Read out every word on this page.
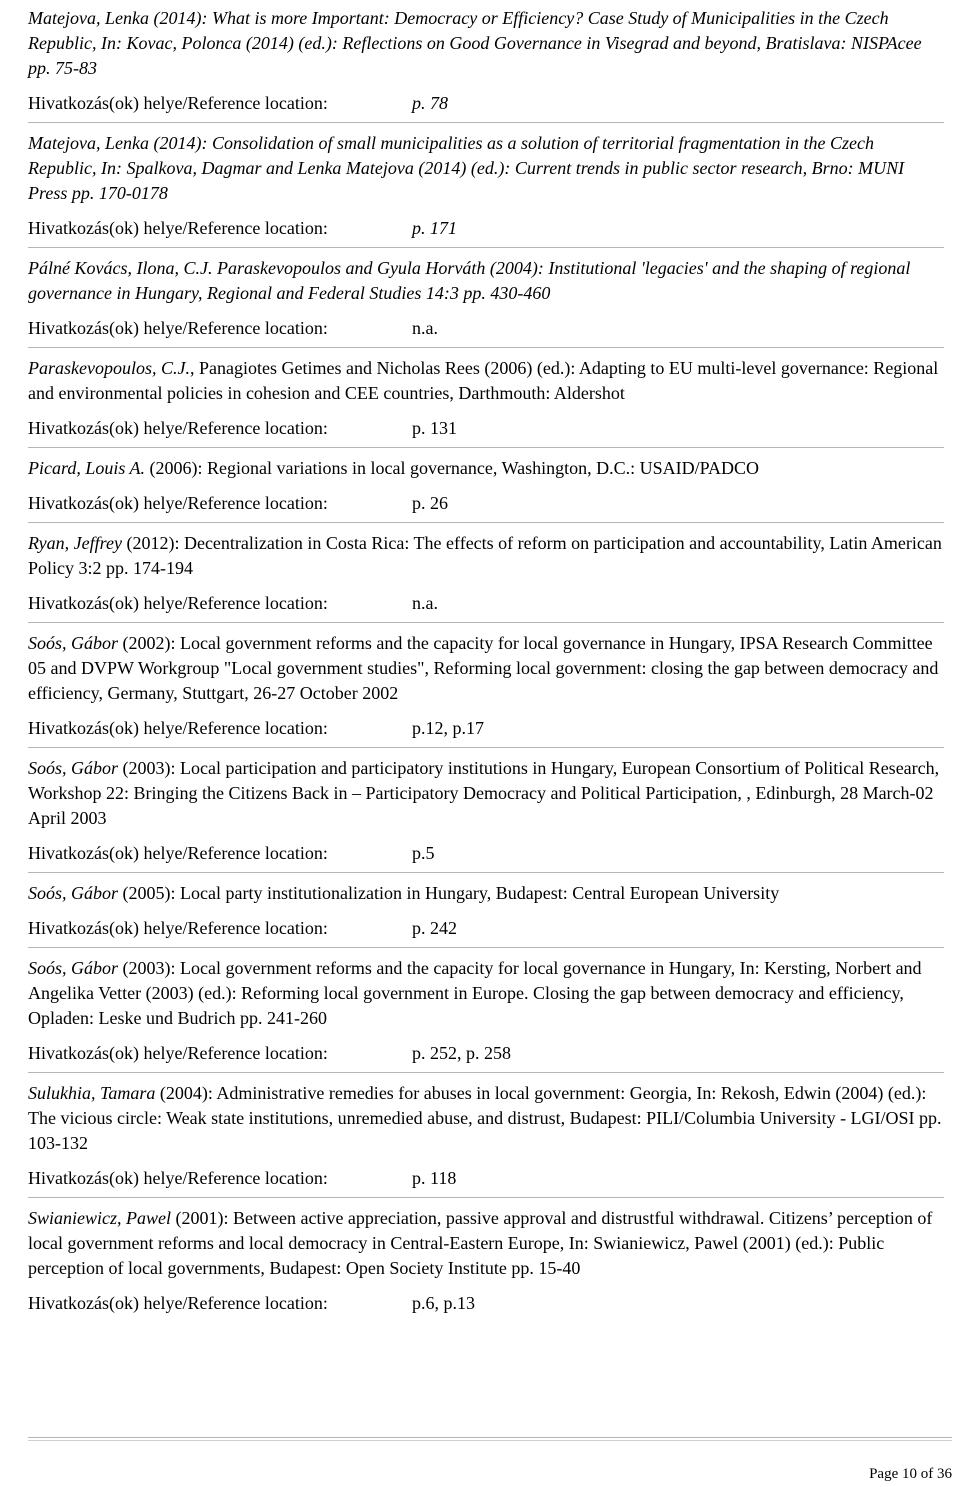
Matejova, Lenka (2014): What is more Important: Democracy or Efficiency? Case Study of Municipalities in the Czech Republic, In: Kovac, Polonca (2014) (ed.): Reflections on Good Governance in Visegrad and beyond, Bratislava: NISPAcee pp. 75-83

Hivatkozás(ok) helye/Reference location:	p. 78

Matejova, Lenka (2014): Consolidation of small municipalities as a solution of territorial fragmentation in the Czech Republic, In: Spalkova, Dagmar and Lenka Matejova (2014) (ed.): Current trends in public sector research, Brno: MUNI Press pp. 170-0178

Hivatkozás(ok) helye/Reference location:	p. 171

Pálné Kovács, Ilona, C.J. Paraskevopoulos and Gyula Horváth (2004): Institutional 'legacies' and the shaping of regional governance in Hungary, Regional and Federal Studies 14:3 pp. 430-460

Hivatkozás(ok) helye/Reference location:	n.a.

Paraskevopoulos, C.J., Panagiotes Getimes and Nicholas Rees (2006) (ed.): Adapting to EU multi-level governance: Regional and environmental policies in cohesion and CEE countries, Darthmouth: Aldershot

Hivatkozás(ok) helye/Reference location:	p. 131

Picard, Louis A. (2006): Regional variations in local governance, Washington, D.C.: USAID/PADCO

Hivatkozás(ok) helye/Reference location:	p. 26

Ryan, Jeffrey (2012): Decentralization in Costa Rica: The effects of reform on participation and accountability, Latin American Policy 3:2 pp. 174-194

Hivatkozás(ok) helye/Reference location:	n.a.

Soós, Gábor (2002): Local government reforms and the capacity for local governance in Hungary, IPSA Research Committee 05 and DVPW Workgroup "Local government studies", Reforming local government: closing the gap between democracy and efficiency, Germany, Stuttgart, 26-27 October 2002

Hivatkozás(ok) helye/Reference location:	p.12, p.17

Soós, Gábor (2003): Local participation and participatory institutions in Hungary, European Consortium of Political Research, Workshop 22: Bringing the Citizens Back in – Participatory Democracy and Political Participation, , Edinburgh, 28 March-02 April 2003

Hivatkozás(ok) helye/Reference location:	p.5

Soós, Gábor (2005): Local party institutionalization in Hungary, Budapest: Central European University

Hivatkozás(ok) helye/Reference location:	p. 242

Soós, Gábor (2003): Local government reforms and the capacity for local governance in Hungary, In: Kersting, Norbert and Angelika Vetter (2003) (ed.): Reforming local government in Europe. Closing the gap between democracy and efficiency, Opladen: Leske und Budrich pp. 241-260

Hivatkozás(ok) helye/Reference location:	p. 252, p. 258

Sulukhia, Tamara (2004): Administrative remedies for abuses in local government: Georgia, In: Rekosh, Edwin (2004) (ed.): The vicious circle: Weak state institutions, unremedied abuse, and distrust, Budapest: PILI/Columbia University - LGI/OSI pp. 103-132

Hivatkozás(ok) helye/Reference location:	p. 118

Swianiewicz, Pawel (2001): Between active appreciation, passive approval and distrustful withdrawal. Citizens’ perception of local government reforms and local democracy in Central-Eastern Europe, In: Swianiewicz, Pawel (2001) (ed.): Public perception of local governments, Budapest: Open Society Institute pp. 15-40

Hivatkozás(ok) helye/Reference location:	p.6, p.13
Page 10 of 36
